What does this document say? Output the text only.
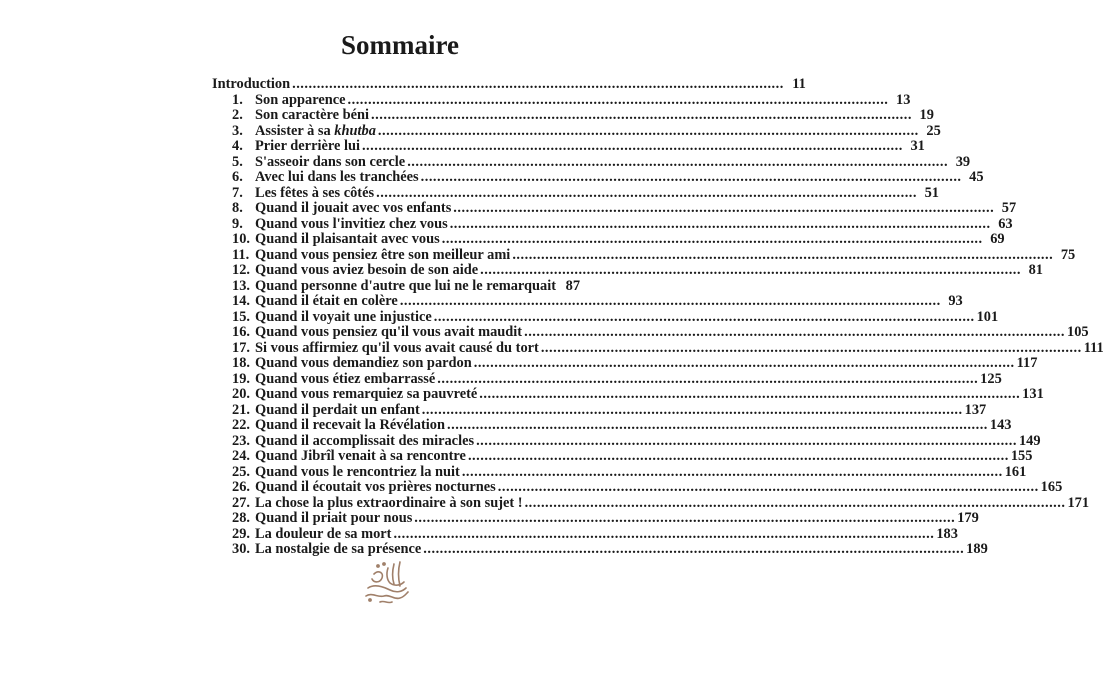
Sommaire
Introduction ........................................................................................................................ 11
1. Son apparence .................................................................................................................................... 13
2. Son caractère béni .................................................................................................................................... 19
3. Assister à sa khutba .................................................................................................................................... 25
4. Prier derrière lui .................................................................................................................................... 31
5. S'asseoir dans son cercle .................................................................................................................................... 39
6. Avec lui dans les tranchées .................................................................................................................................... 45
7. Les fêtes à ses côtés .................................................................................................................................... 51
8. Quand il jouait avec vos enfants .................................................................................................................................... 57
9. Quand vous l'invitiez chez vous .................................................................................................................................... 63
10. Quand il plaisantait avec vous .................................................................................................................................... 69
11. Quand vous pensiez être son meilleur ami .................................................................................................................................... 75
12. Quand vous aviez besoin de son aide .................................................................................................................................... 81
13. Quand personne d'autre que lui ne le remarquait 87
14. Quand il était en colère .................................................................................................................................... 93
15. Quand il voyait une injustice .................................................................................................................................... 101
16. Quand vous pensiez qu'il vous avait maudit .................................................................................................................................... 105
17. Si vous affirmiez qu'il vous avait causé du tort .................................................................................................................................... 111
18. Quand vous demandiez son pardon .................................................................................................................................... 117
19. Quand vous étiez embarrassé .................................................................................................................................... 125
20. Quand vous remarquiez sa pauvreté .................................................................................................................................... 131
21. Quand il perdait un enfant .................................................................................................................................... 137
22. Quand il recevait la Révélation .................................................................................................................................... 143
23. Quand il accomplissait des miracles .................................................................................................................................... 149
24. Quand Jibrîl venait à sa rencontre .................................................................................................................................... 155
25. Quand vous le rencontriez la nuit .................................................................................................................................... 161
26. Quand il écoutait vos prières nocturnes .................................................................................................................................... 165
27. La chose la plus extraordinaire à son sujet ! .................................................................................................................................... 171
28. Quand il priait pour nous .................................................................................................................................... 179
29. La douleur de sa mort .................................................................................................................................... 183
30. La nostalgie de sa présence .................................................................................................................................... 189
